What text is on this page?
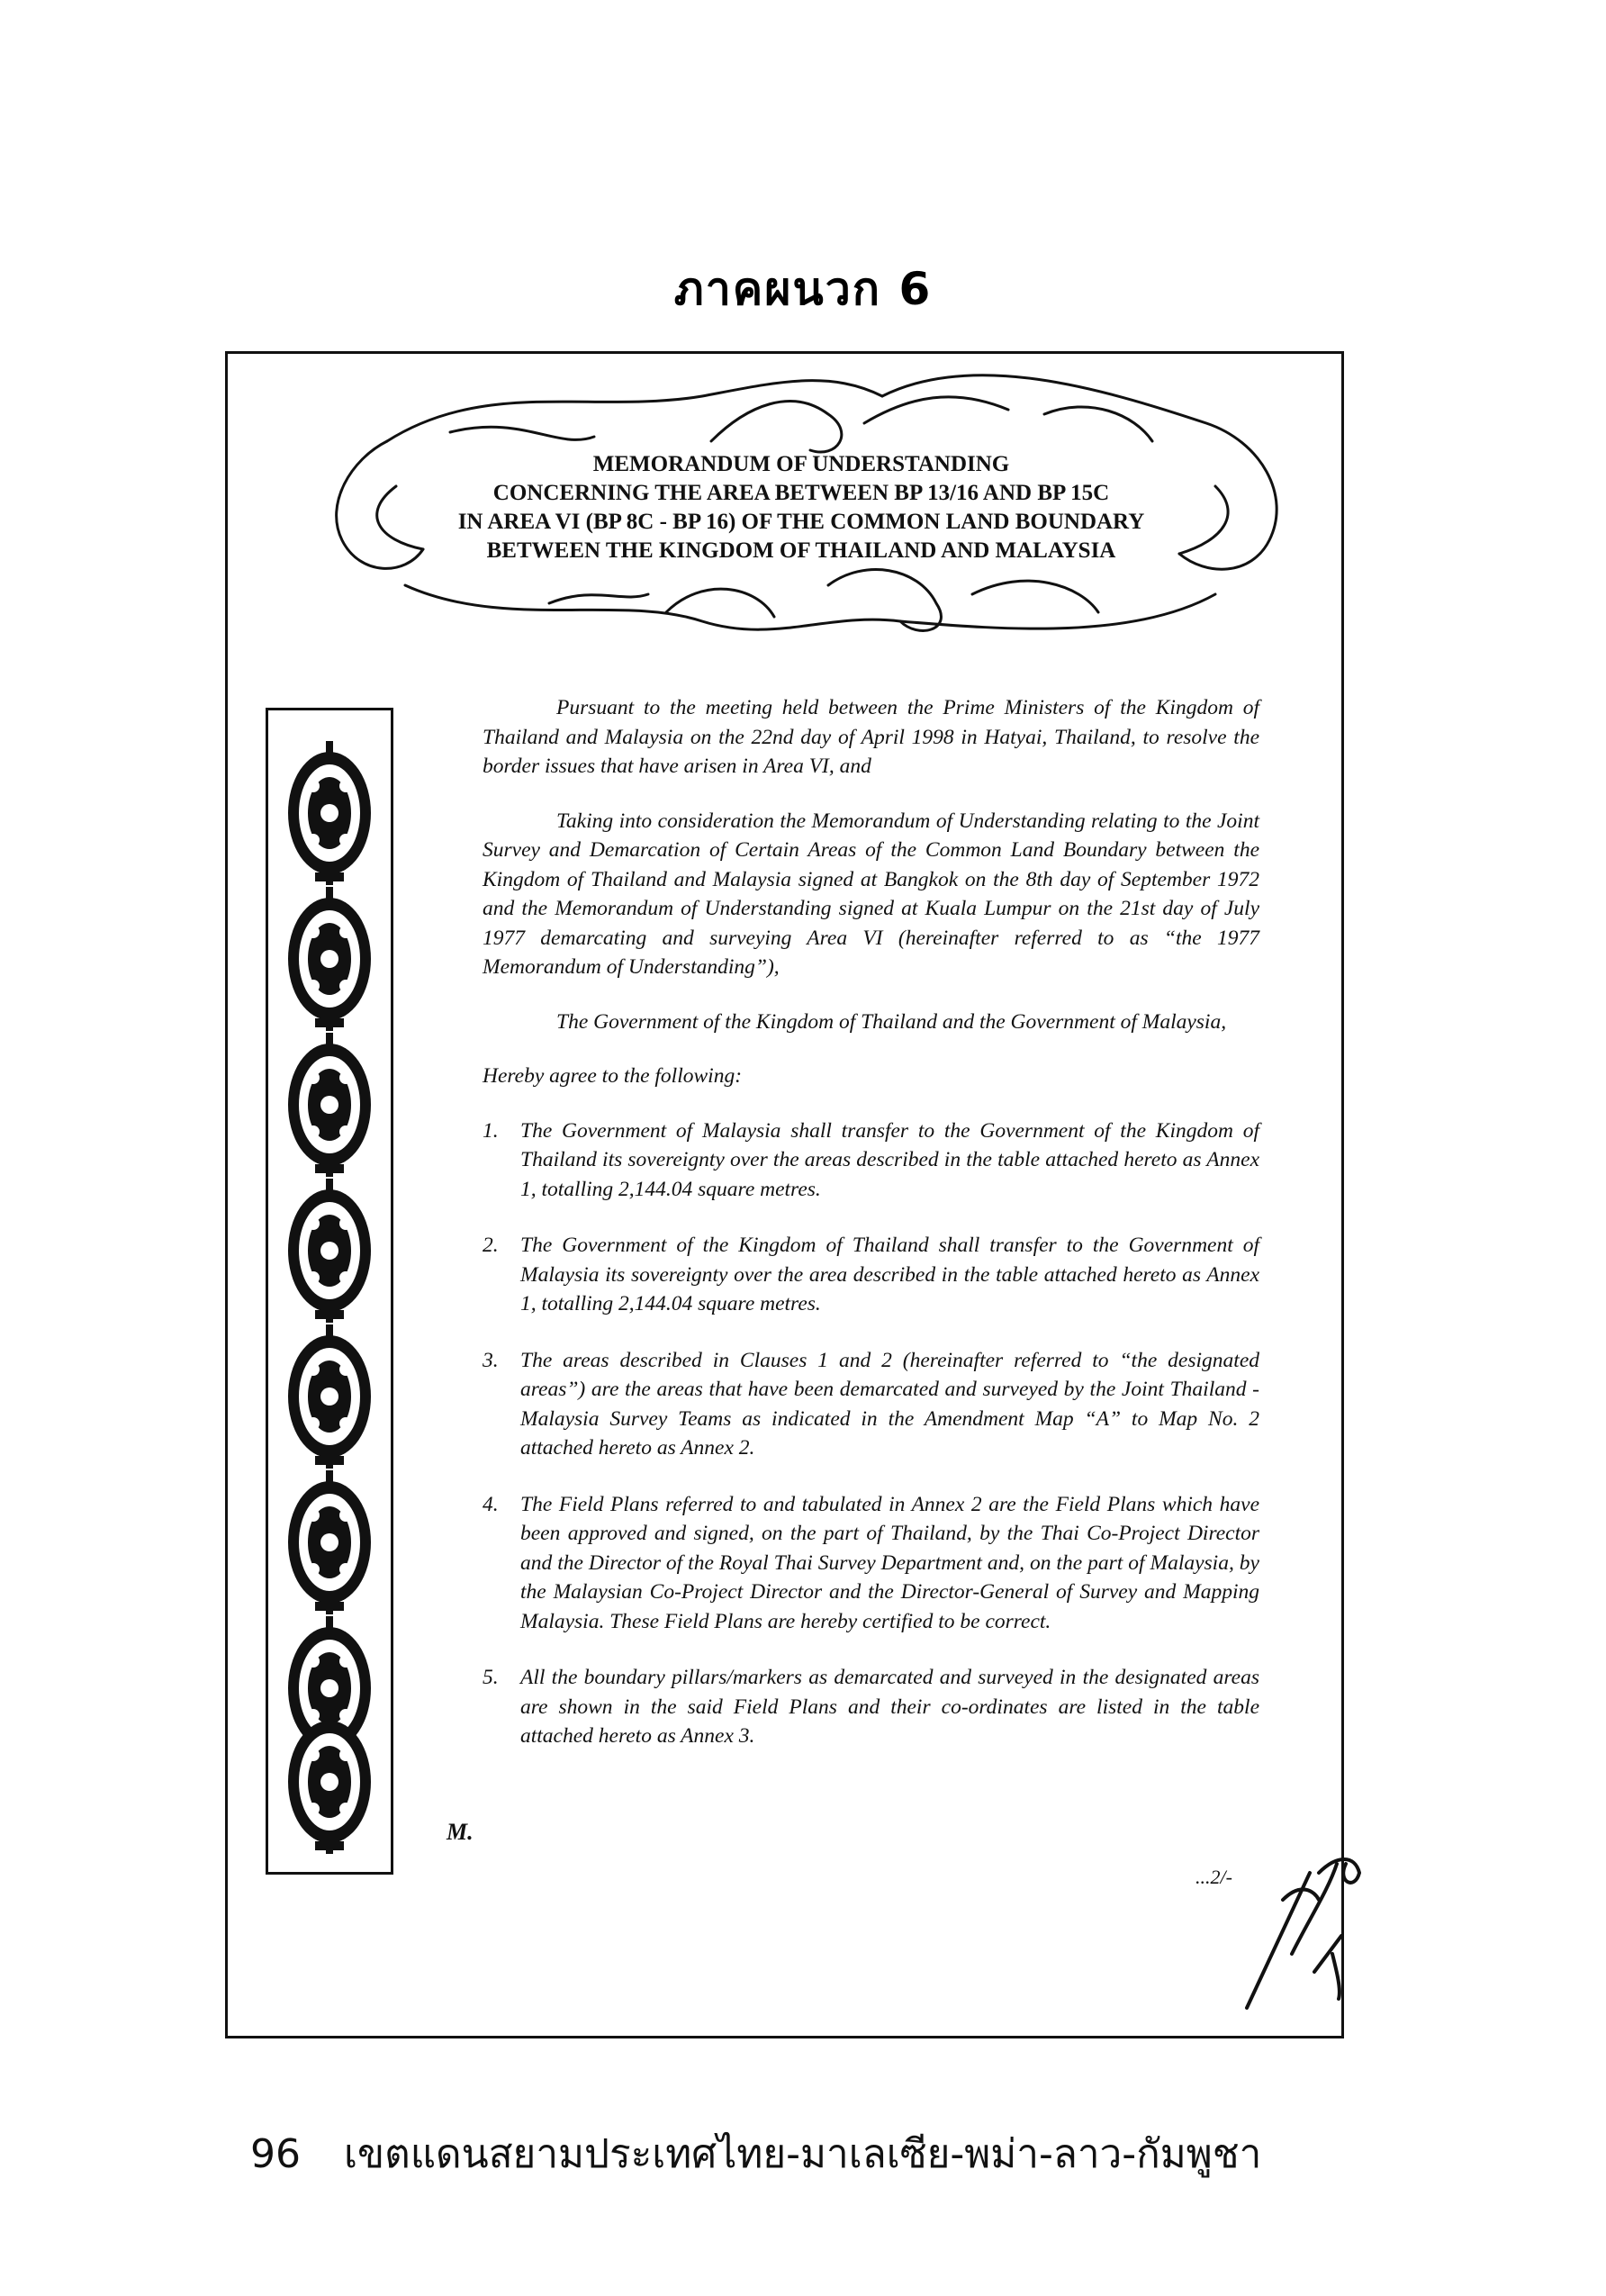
ภาคผนวก 6
MEMORANDUM OF UNDERSTANDING
CONCERNING THE AREA BETWEEN BP 13/16 AND BP 15C
IN AREA VI (BP 8C - BP 16) OF THE COMMON LAND BOUNDARY
BETWEEN THE KINGDOM OF THAILAND AND MALAYSIA

Pursuant to the meeting held between the Prime Ministers of the Kingdom of Thailand and Malaysia on the 22nd day of April 1998 in Hatyai, Thailand, to resolve the border issues that have arisen in Area VI, and

Taking into consideration the Memorandum of Understanding relating to the Joint Survey and Demarcation of Certain Areas of the Common Land Boundary between the Kingdom of Thailand and Malaysia signed at Bangkok on the 8th day of September 1972 and the Memorandum of Understanding signed at Kuala Lumpur on the 21st day of July 1977 demarcating and surveying Area VI (hereinafter referred to as “the 1977 Memorandum of Understanding”),

The Government of the Kingdom of Thailand and the Government of Malaysia,

Hereby agree to the following:

1. The Government of Malaysia shall transfer to the Government of the Kingdom of Thailand its sovereignty over the areas described in the table attached hereto as Annex 1, totalling 2,144.04 square metres.
2. The Government of the Kingdom of Thailand shall transfer to the Government of Malaysia its sovereignty over the area described in the table attached hereto as Annex 1, totalling 2,144.04 square metres.
3. The areas described in Clauses 1 and 2 (hereinafter referred to “the designated areas”) are the areas that have been demarcated and surveyed by the Joint Thailand - Malaysia Survey Teams as indicated in the Amendment Map “A” to Map No. 2 attached hereto as Annex 2.
4. The Field Plans referred to and tabulated in Annex 2 are the Field Plans which have been approved and signed, on the part of Thailand, by the Thai Co-Project Director and the Director of the Royal Thai Survey Department and, on the part of Malaysia, by the Malaysian Co-Project Director and the Director-General of Survey and Mapping Malaysia. These Field Plans are hereby certified to be correct.
5. All the boundary pillars/markers as demarcated and surveyed in the designated areas are shown in the said Field Plans and their co-ordinates are listed in the table attached hereto as Annex 3.
M.
...2/-
96 เขตแดนสยามประเทศไทย-มาเลเซีย-พม่า-ลาว-กัมพูชา
